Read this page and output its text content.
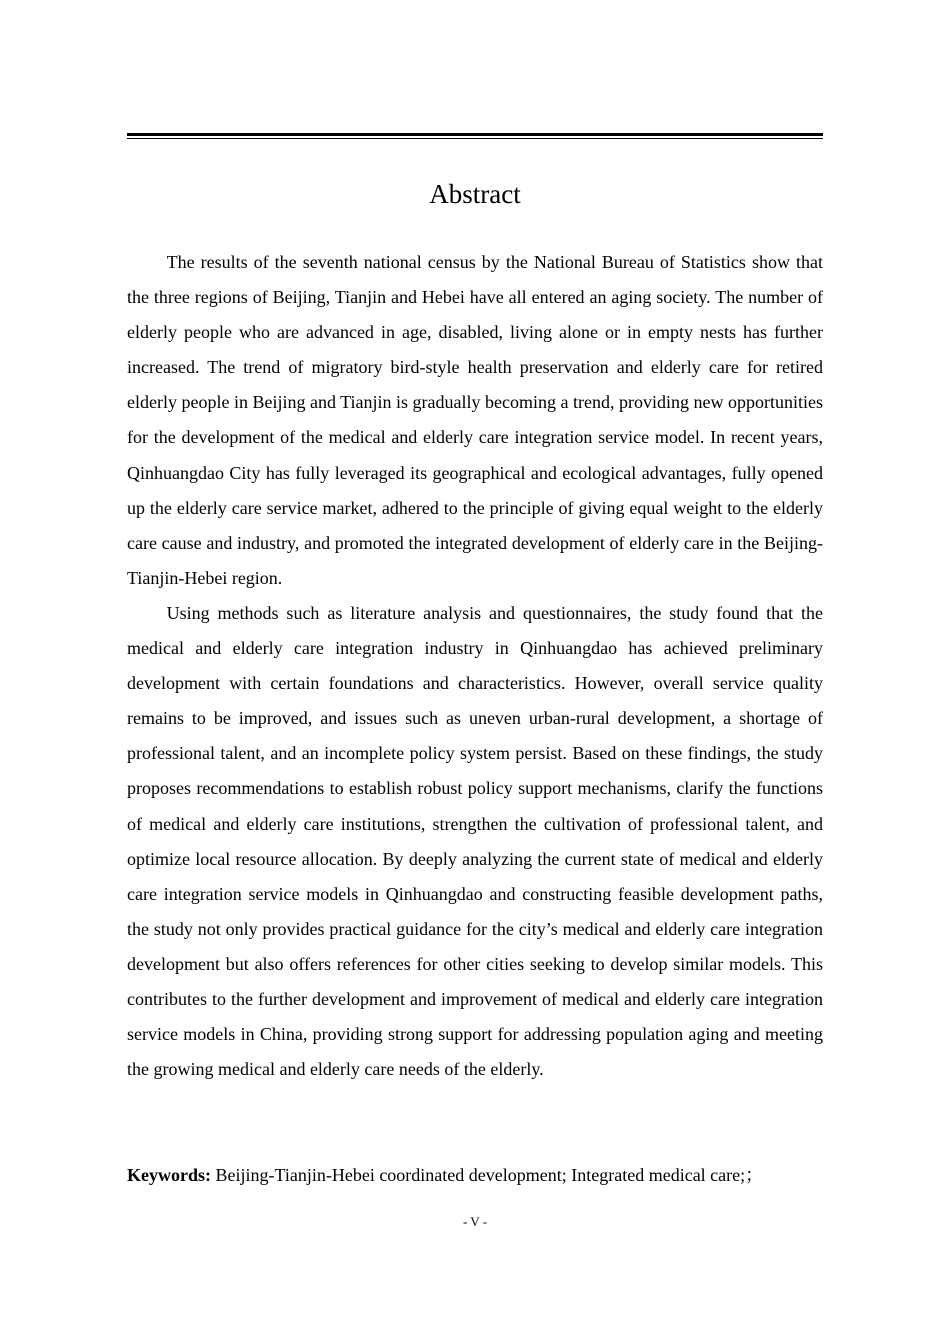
Abstract

The results of the seventh national census by the National Bureau of Statistics show that the three regions of Beijing, Tianjin and Hebei have all entered an aging society. The number of elderly people who are advanced in age, disabled, living alone or in empty nests has further increased. The trend of migratory bird-style health preservation and elderly care for retired elderly people in Beijing and Tianjin is gradually becoming a trend, providing new opportunities for the development of the medical and elderly care integration service model. In recent years, Qinhuangdao City has fully leveraged its geographical and ecological advantages, fully opened up the elderly care service market, adhered to the principle of giving equal weight to the elderly care cause and industry, and promoted the integrated development of elderly care in the Beijing-Tianjin-Hebei region.

Using methods such as literature analysis and questionnaires, the study found that the medical and elderly care integration industry in Qinhuangdao has achieved preliminary development with certain foundations and characteristics. However, overall service quality remains to be improved, and issues such as uneven urban-rural development, a shortage of professional talent, and an incomplete policy system persist. Based on these findings, the study proposes recommendations to establish robust policy support mechanisms, clarify the functions of medical and elderly care institutions, strengthen the cultivation of professional talent, and optimize local resource allocation. By deeply analyzing the current state of medical and elderly care integration service models in Qinhuangdao and constructing feasible development paths, the study not only provides practical guidance for the city’s medical and elderly care integration development but also offers references for other cities seeking to develop similar models. This contributes to the further development and improvement of medical and elderly care integration service models in China, providing strong support for addressing population aging and meeting the growing medical and elderly care needs of the elderly.

Keywords: Beijing-Tianjin-Hebei coordinated development; Integrated medical care;；

- V -
